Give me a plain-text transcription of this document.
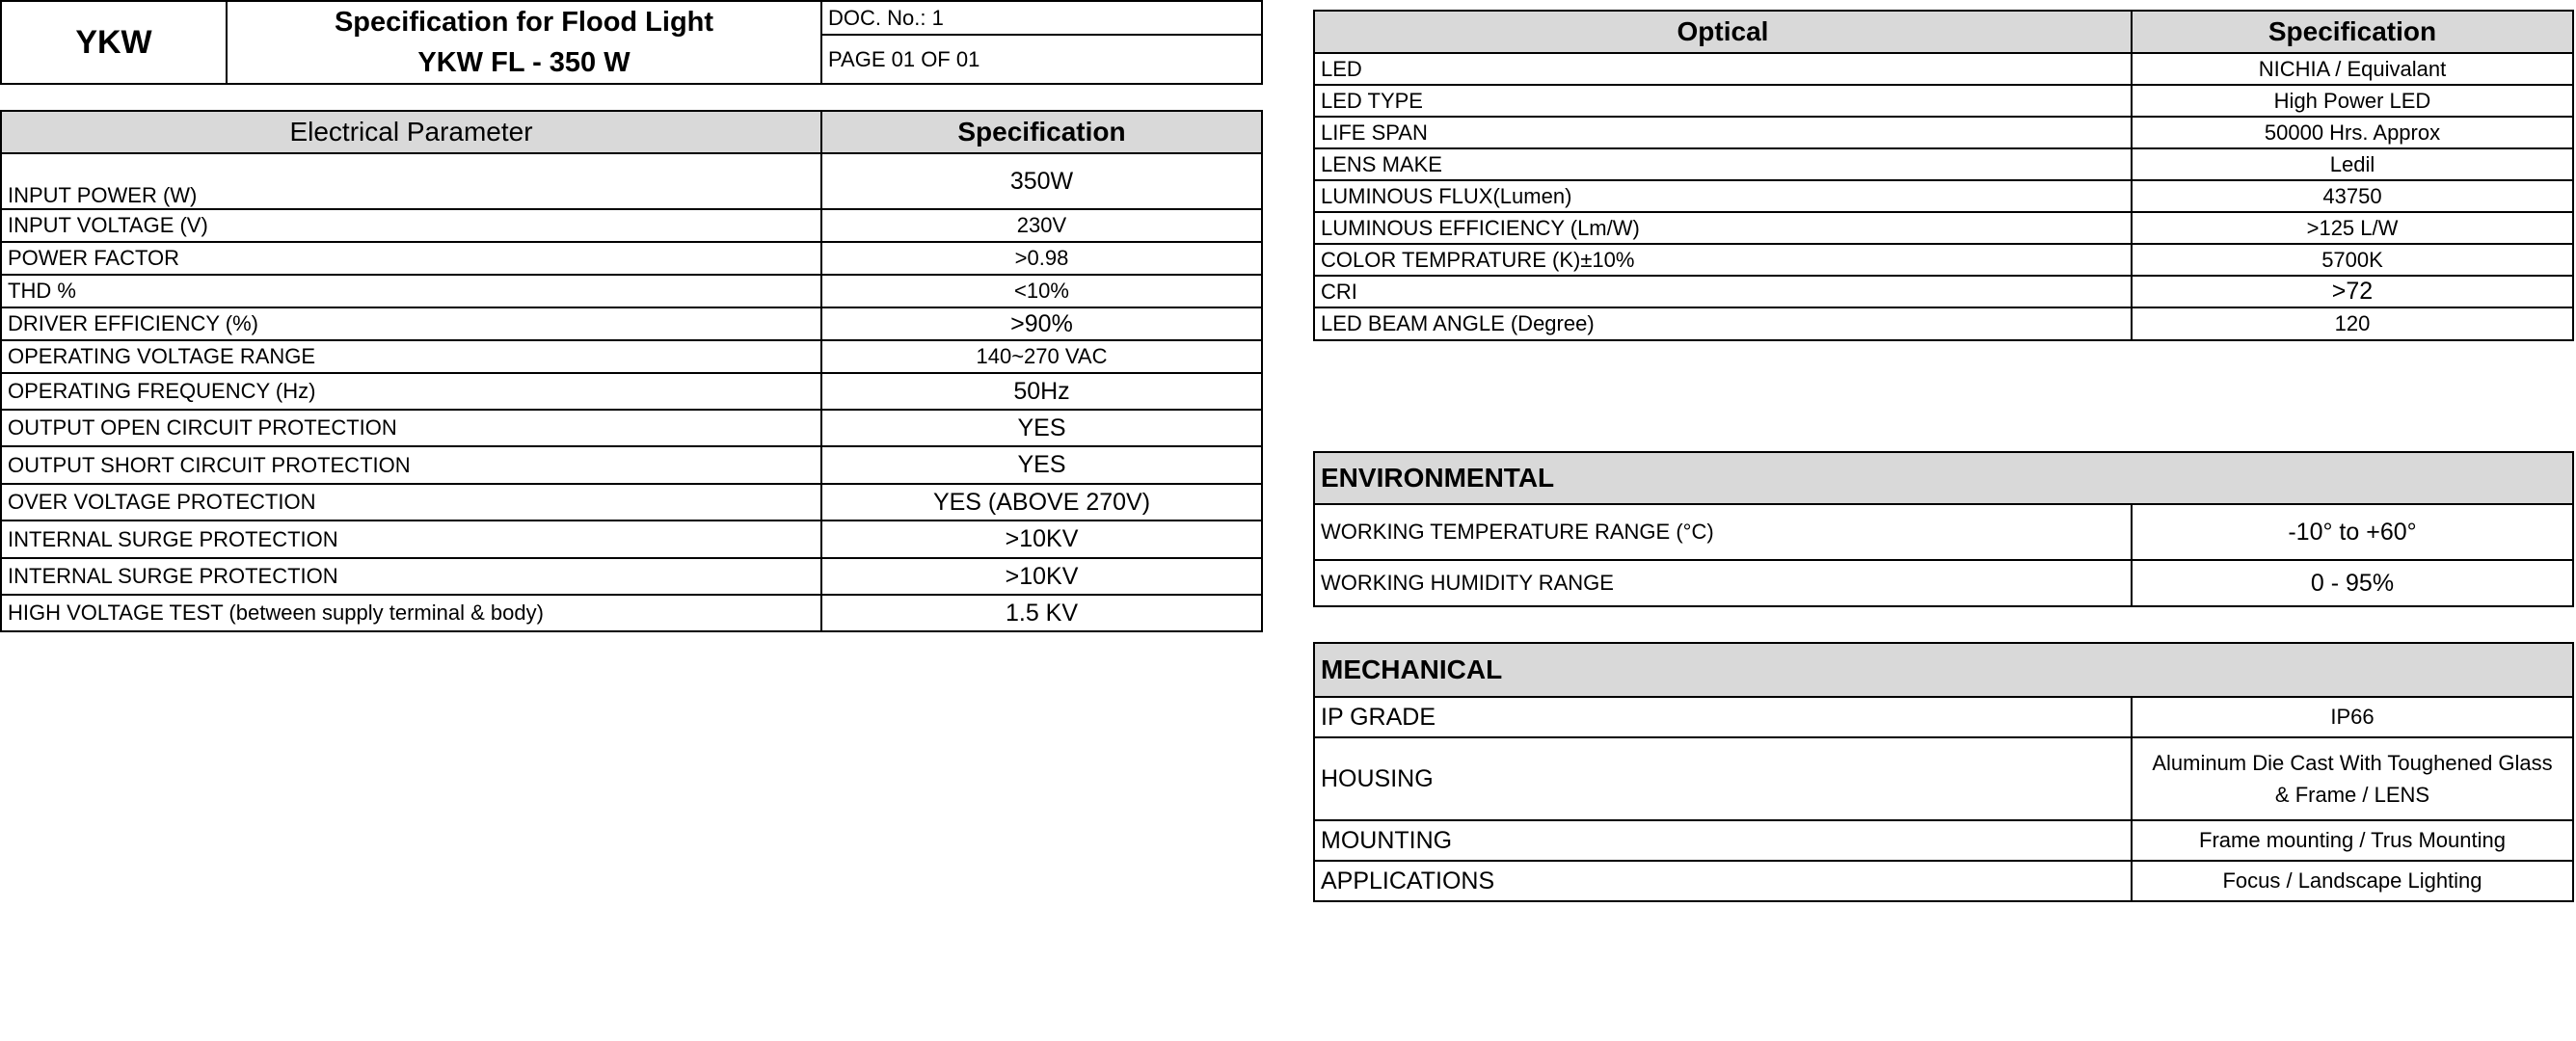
YKW	
Specification for Flood Light
YKW FL - 350 W
	DOC. No.: 1
PAGE 01 OF 01
Electrical Parameter	Specification
INPUT POWER (W)	350W
INPUT VOLTAGE (V)	230V
POWER FACTOR	>0.98
THD %	<10%
DRIVER EFFICIENCY (%)	>90%
OPERATING VOLTAGE RANGE	140~270 VAC
OPERATING FREQUENCY (Hz)	50Hz
OUTPUT OPEN CIRCUIT PROTECTION	YES
OUTPUT SHORT CIRCUIT PROTECTION	YES
OVER VOLTAGE PROTECTION	YES (ABOVE 270V)
INTERNAL SURGE PROTECTION	>10KV
INTERNAL SURGE PROTECTION	>10KV
HIGH VOLTAGE TEST (between supply terminal & body)	1.5 KV
Optical	Specification
LED	NICHIA / Equivalant
LED TYPE	High Power LED
LIFE SPAN	50000 Hrs. Approx
LENS MAKE	Ledil
LUMINOUS FLUX(Lumen)	43750
LUMINOUS EFFICIENCY (Lm/W)	>125 L/W
COLOR TEMPRATURE (K)±10%	5700K
CRI	>72
LED BEAM ANGLE (Degree)	120
ENVIRONMENTAL	
WORKING TEMPERATURE RANGE (°C)	-10° to +60°
WORKING HUMIDITY RANGE	0 - 95%
MECHANICAL	
IP GRADE	IP66
HOUSING	Aluminum Die Cast With Toughened Glass
& Frame / LENS

MOUNTING	Frame mounting / Trus Mounting
APPLICATIONS	Focus / Landscape Lighting
